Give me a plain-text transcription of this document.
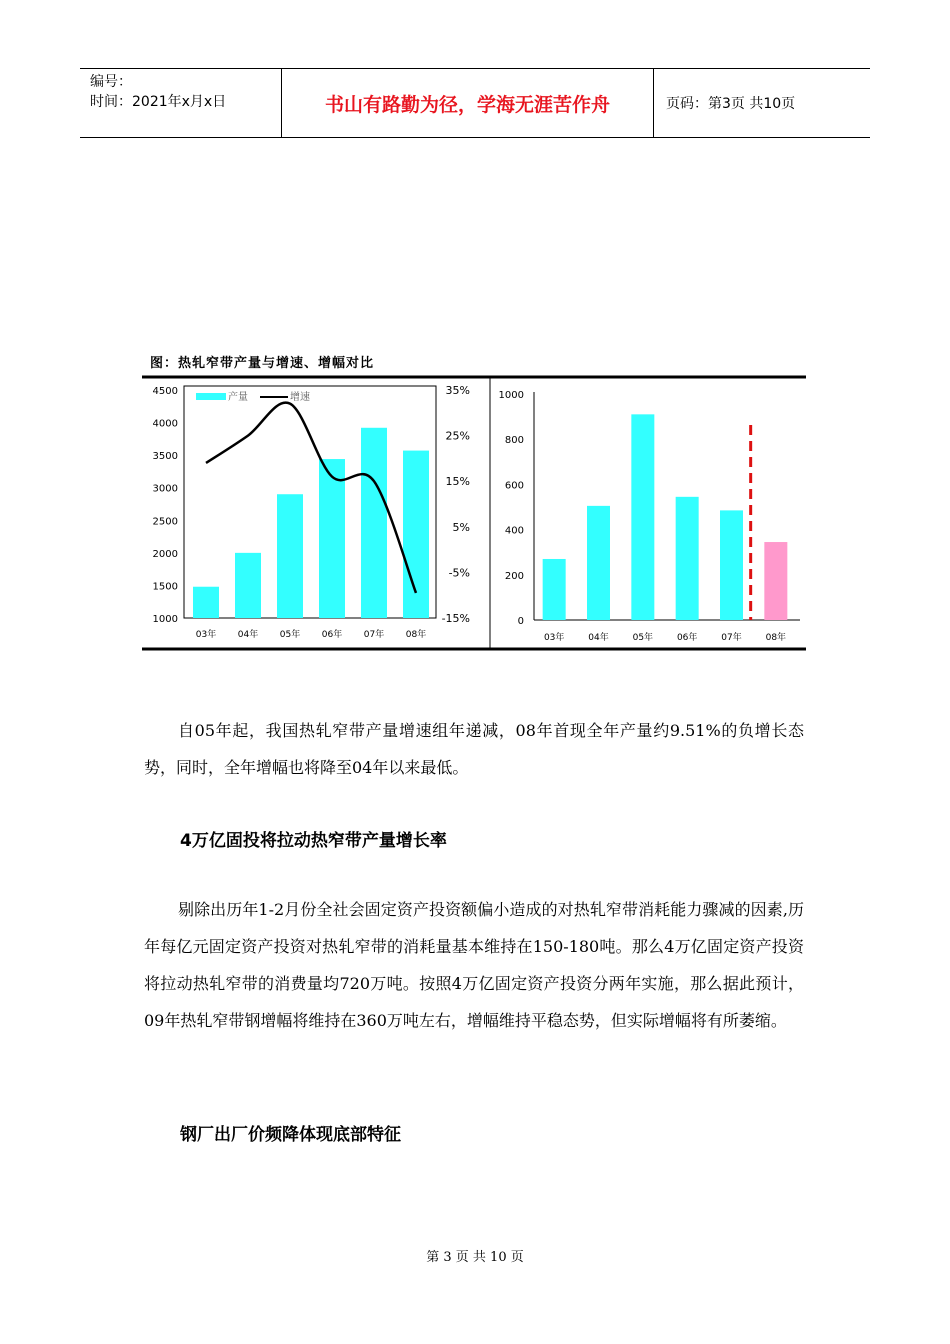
编号：
时间：2021年x月x日	书山有路勤为径，学海无涯苦作舟	页码：第3页 共10页
4500
4000
3500
3000
2500
2000
1500
1000
35%
25%
15%
5%
-5%
-15%
03年 04年 05年 06年 07年 08年
产量	增速	1000
800
600
400
200
0
03年	04年	05年	06年	07年	08年
图：热轧窄带产量与增速、增幅对比
自05年起，我国热轧窄带产量增速组年递减，08年首现全年产量约9.51%的负增长态势，同时，全年增幅也将降至04年以来最低。
4万亿固投将拉动热窄带产量增长率
剔除出历年1-2月份全社会固定资产投资额偏小造成的对热轧窄带消耗能力骤减的因素,历年每亿元固定资产投资对热轧窄带的消耗量基本维持在150-180吨。那么4万亿固定资产投资将拉动热轧窄带的消费量均720万吨。按照4万亿固定资产投资分两年实施，那么据此预计，09年热轧窄带钢增幅将维持在360万吨左右，增幅维持平稳态势，但实际增幅将有所萎缩。
钢厂出厂价频降体现底部特征
第 3 页 共 10 页
